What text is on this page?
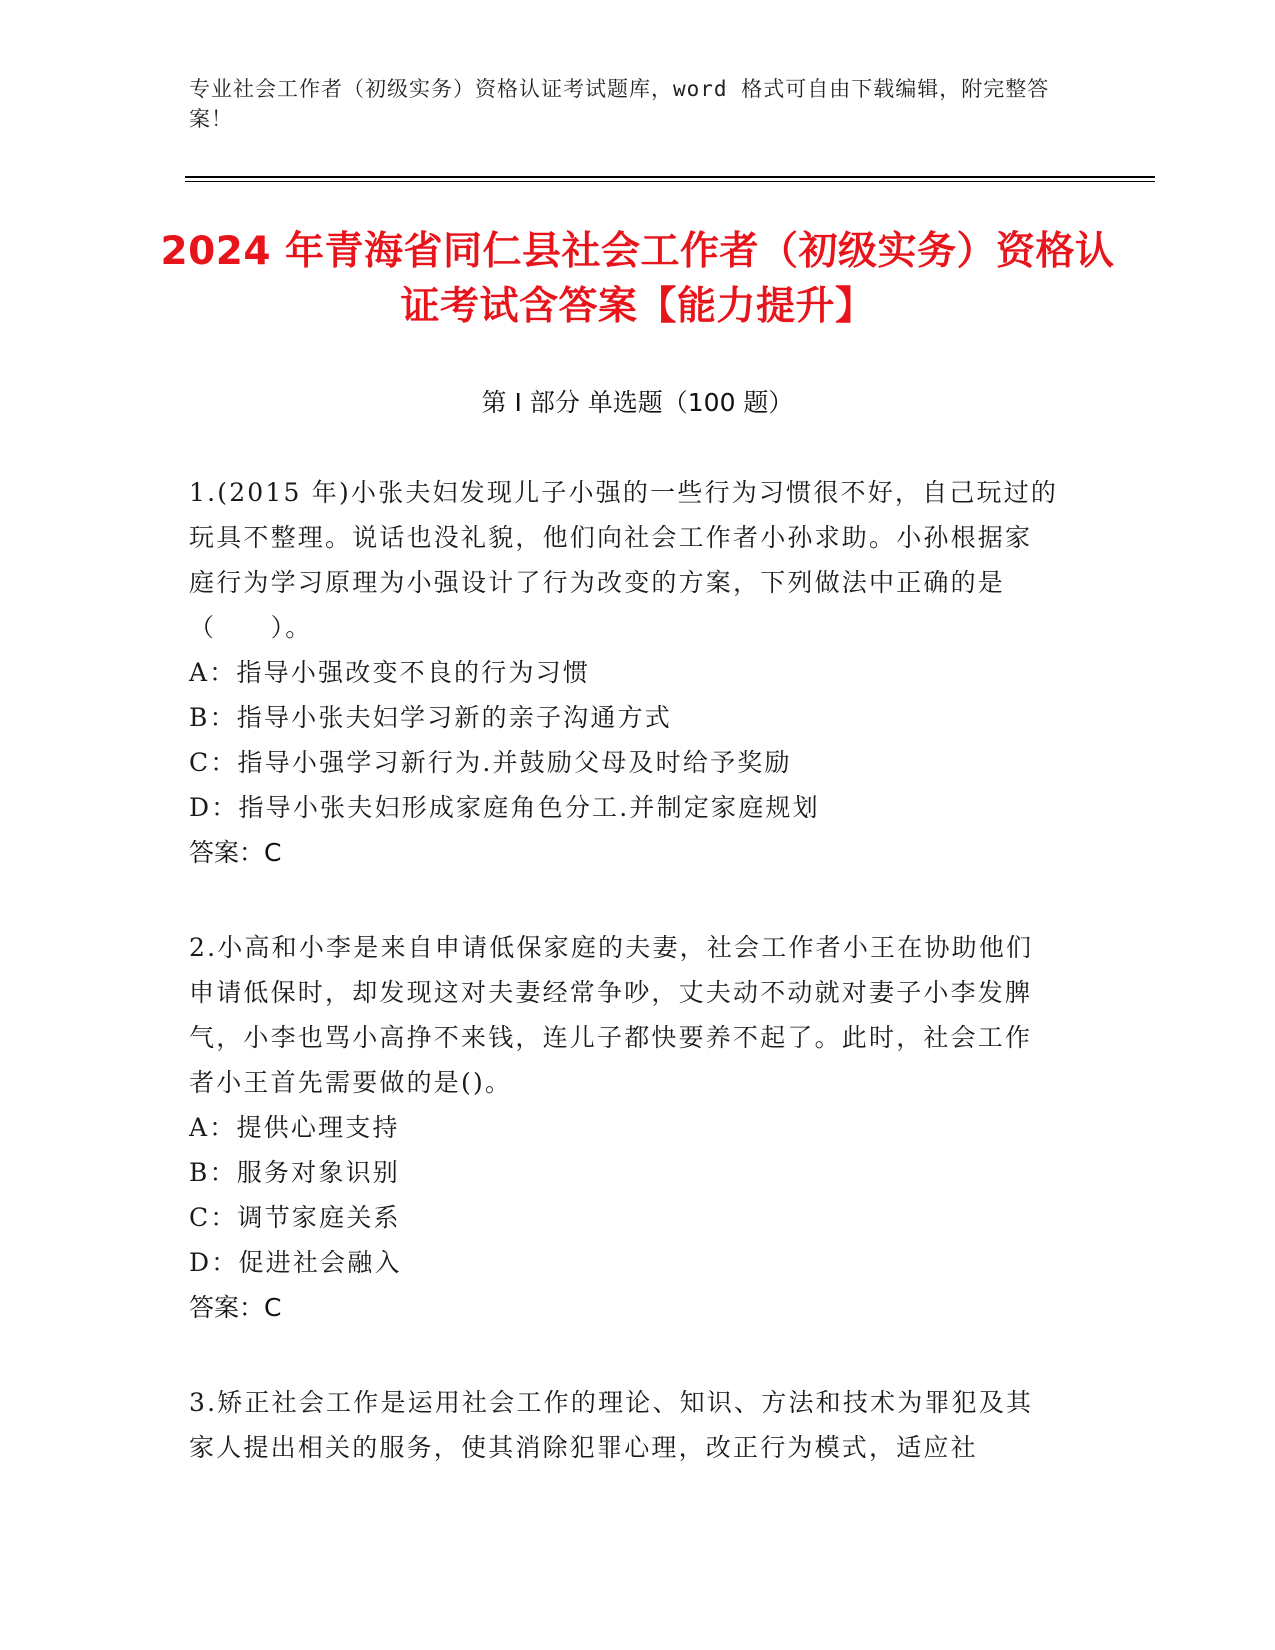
专业社会工作者（初级实务）资格认证考试题库，word 格式可自由下载编辑，附完整答案！
2024 年青海省同仁县社会工作者（初级实务）资格认证考试含答案【能力提升】
第 I 部分 单选题（100 题）

1.(2015 年)小张夫妇发现儿子小强的一些行为习惯很不好，自己玩过的玩具不整理。说话也没礼貌，他们向社会工作者小孙求助。小孙根据家庭行为学习原理为小强设计了行为改变的方案，下列做法中正确的是（　　）。

A：指导小强改变不良的行为习惯

B：指导小张夫妇学习新的亲子沟通方式

C：指导小强学习新行为.并鼓励父母及时给予奖励

D：指导小张夫妇形成家庭角色分工.并制定家庭规划

答案：C

2.小高和小李是来自申请低保家庭的夫妻，社会工作者小王在协助他们申请低保时，却发现这对夫妻经常争吵，丈夫动不动就对妻子小李发脾气，小李也骂小高挣不来钱，连儿子都快要养不起了。此时，社会工作者小王首先需要做的是()。

A：提供心理支持

B：服务对象识别

C：调节家庭关系

D：促进社会融入

答案：C

3.矫正社会工作是运用社会工作的理论、知识、方法和技术为罪犯及其家人提出相关的服务，使其消除犯罪心理，改正行为模式，适应社
